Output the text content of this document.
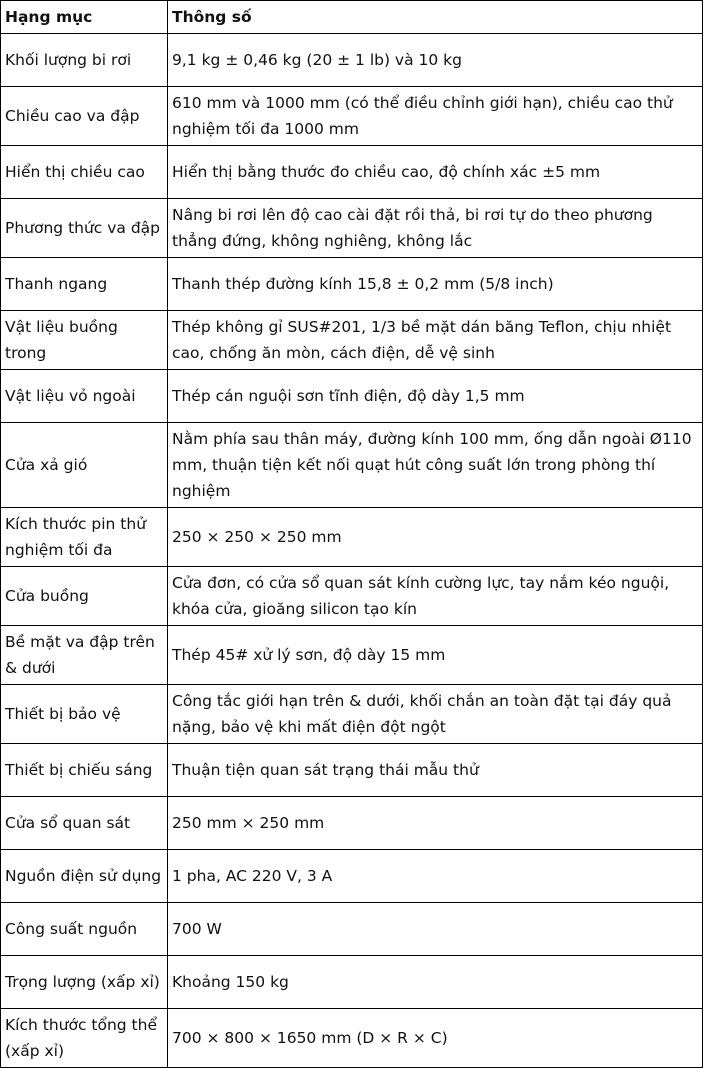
Hạng mục	Thông số
Khối lượng bi rơi	9,1 kg ± 0,46 kg (20 ± 1 lb) và 10 kg
Chiều cao va đập	610 mm và 1000 mm (có thể điều chỉnh giới hạn), chiều cao thử nghiệm tối đa 1000 mm
Hiển thị chiều cao	Hiển thị bằng thước đo chiều cao, độ chính xác ±5 mm
Phương thức va đập	Nâng bi rơi lên độ cao cài đặt rồi thả, bi rơi tự do theo phương thẳng đứng, không nghiêng, không lắc
Thanh ngang	Thanh thép đường kính 15,8 ± 0,2 mm (5/8 inch)
Vật liệu buồng trong	Thép không gỉ SUS#201, 1/3 bề mặt dán băng Teflon, chịu nhiệt cao, chống ăn mòn, cách điện, dễ vệ sinh
Vật liệu vỏ ngoài	Thép cán nguội sơn tĩnh điện, độ dày 1,5 mm
Cửa xả gió	Nằm phía sau thân máy, đường kính 100 mm, ống dẫn ngoài Ø110 mm, thuận tiện kết nối quạt hút công suất lớn trong phòng thí nghiệm
Kích thước pin thử nghiệm tối đa	250 × 250 × 250 mm
Cửa buồng	Cửa đơn, có cửa sổ quan sát kính cường lực, tay nắm kéo nguội, khóa cửa, gioăng silicon tạo kín
Bề mặt va đập trên & dưới	Thép 45# xử lý sơn, độ dày 15 mm
Thiết bị bảo vệ	Công tắc giới hạn trên & dưới, khối chắn an toàn đặt tại đáy quả nặng, bảo vệ khi mất điện đột ngột
Thiết bị chiếu sáng	Thuận tiện quan sát trạng thái mẫu thử
Cửa sổ quan sát	250 mm × 250 mm
Nguồn điện sử dụng	1 pha, AC 220 V, 3 A
Công suất nguồn	700 W
Trọng lượng (xấp xỉ)	Khoảng 150 kg
Kích thước tổng thể (xấp xỉ)	700 × 800 × 1650 mm (D × R × C)
